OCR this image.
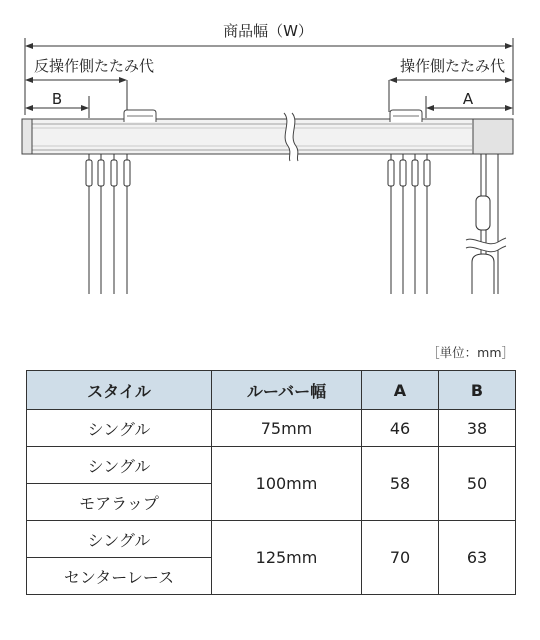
商品幅（W）
反操作側たたみ代	操作側たたみ代
B	A
［単位：mm］
スタイル	ルーバー幅	A	B
シングル	75mm	46	38
シングル	100mm	58	50
モアラップ			
シングル	125mm	70	63
センターレース			
